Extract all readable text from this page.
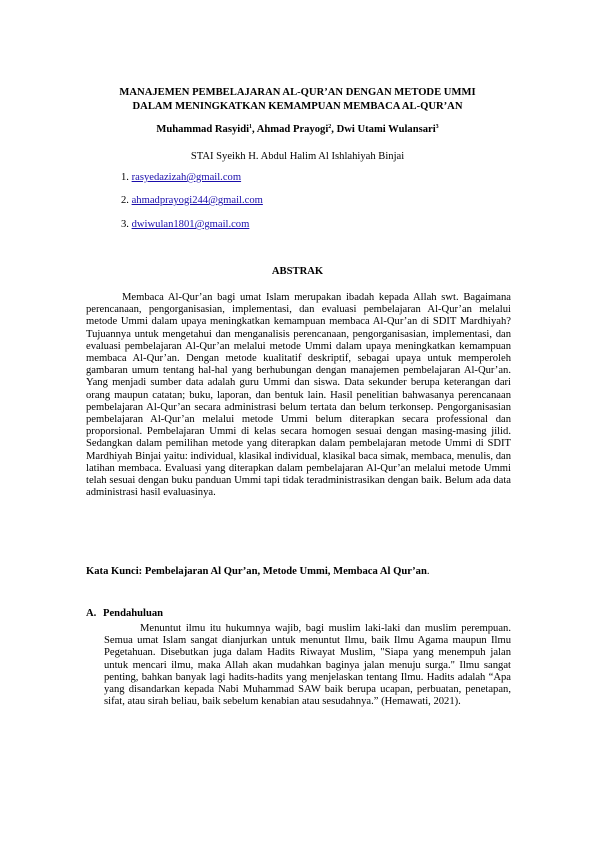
MANAJEMEN PEMBELAJARAN AL-QUR’AN DENGAN METODE UMMI
DALAM MENINGKATKAN KEMAMPUAN MEMBACA AL-QUR’AN
Muhammad Rasyidi$^1$, Ahmad Prayogi$^2$, Dwi Utami Wulansari$^3$
STAI Syeikh H. Abdul Halim Al Ishlahiyah Binjai
1. rasyedazizah@gmail.com
2. ahmadprayogi244@gmail.com
3. dwiwulan1801@gmail.com
ABSTRAK
Membaca Al-Qur’an bagi umat Islam merupakan ibadah kepada Allah swt. Bagaimana perencanaan, pengorganisasian, implementasi, dan evaluasi pembelajaran Al-Qur’an melalui metode Ummi dalam upaya meningkatkan kemampuan membaca Al-Qur’an di SDIT Mardhiyah? Tujuannya untuk mengetahui dan menganalisis perencanaan, pengorganisasian, implementasi, dan evaluasi pembelajaran Al-Qur’an melalui metode Ummi dalam upaya meningkatkan kemampuan membaca Al-Qur’an. Dengan metode kualitatif deskriptif, sebagai upaya untuk memperoleh gambaran umum tentang hal-hal yang berhubungan dengan manajemen pembelajaran Al-Qur’an. Yang menjadi sumber data adalah guru Ummi dan siswa. Data sekunder berupa keterangan dari orang maupun catatan; buku, laporan, dan bentuk lain. Hasil penelitian bahwasanya perencanaan pembelajaran Al-Qur’an secara administrasi belum tertata dan belum terkonsep. Pengorganisasian pembelajaran Al-Qur’an melalui metode Ummi belum diterapkan secara professional dan proporsional. Pembelajaran Ummi di kelas secara homogen sesuai dengan masing-masing jilid. Sedangkan dalam pemilihan metode yang diterapkan dalam pembelajaran metode Ummi di SDIT Mardhiyah Binjai yaitu: individual, klasikal individual, klasikal baca simak, membaca, menulis, dan latihan membaca. Evaluasi yang diterapkan dalam pembelajaran Al-Qur’an melalui metode Ummi telah sesuai dengan buku panduan Ummi tapi tidak teradministrasikan dengan baik. Belum ada data administrasi hasil evaluasinya.
Kata Kunci: Pembelajaran Al Qur’an, Metode Ummi, Membaca Al Qur’an.
A. Pendahuluan
Menuntut ilmu itu hukumnya wajib, bagi muslim laki-laki dan muslim perempuan. Semua umat Islam sangat dianjurkan untuk menuntut Ilmu, baik Ilmu Agama maupun Ilmu Pegetahuan. Disebutkan juga dalam Hadits Riwayat Muslim, "Siapa yang menempuh jalan untuk mencari ilmu, maka Allah akan mudahkan baginya jalan menuju surga." Ilmu sangat penting, bahkan banyak lagi hadits-hadits yang menjelaskan tentang Ilmu. Hadits adalah “Apa yang disandarkan kepada Nabi Muhammad SAW baik berupa ucapan, perbuatan, penetapan, sifat, atau sirah beliau, baik sebelum kenabian atau sesudahnya.” (Hemawati, 2021).
